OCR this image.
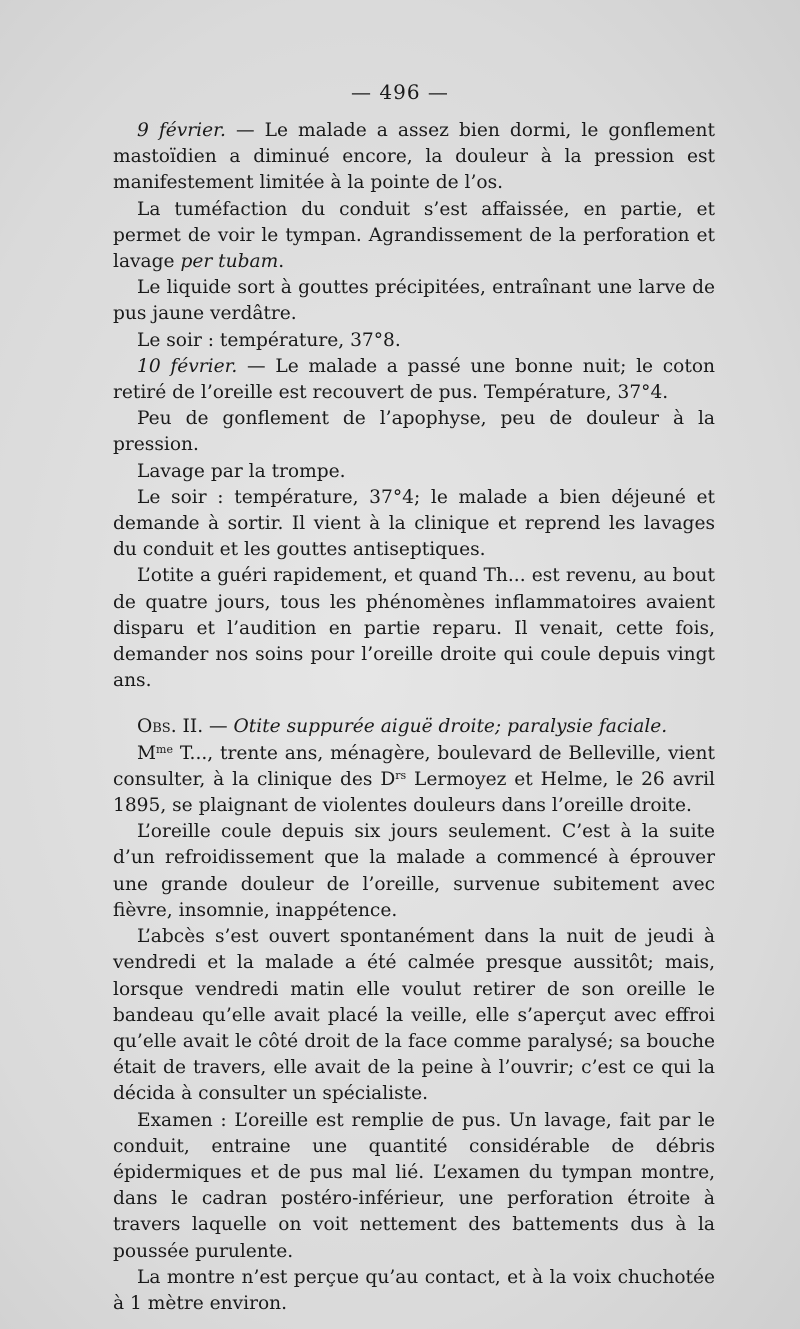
— 496 —

9 février. — Le malade a assez bien dormi, le gonflement mastoïdien a diminué encore, la douleur à la pression est manifestement limitée à la pointe de l’os.

La tuméfaction du conduit s’est affaissée, en partie, et permet de voir le tympan. Agrandissement de la perforation et lavage per tubam.

Le liquide sort à gouttes précipitées, entraînant une larve de pus jaune verdâtre.

Le soir : température, 37°8.

10 février. — Le malade a passé une bonne nuit; le coton retiré de l’oreille est recouvert de pus. Température, 37°4.

Peu de gonflement de l’apophyse, peu de douleur à la pression.

Lavage par la trompe.

Le soir : température, 37°4; le malade a bien déjeuné et demande à sortir. Il vient à la clinique et reprend les lavages du conduit et les gouttes antiseptiques.

L’otite a guéri rapidement, et quand Th... est revenu, au bout de quatre jours, tous les phénomènes inflammatoires avaient disparu et l’audition en partie reparu. Il venait, cette fois, demander nos soins pour l’oreille droite qui coule depuis vingt ans.

Obs. II. — Otite suppurée aiguë droite; paralysie faciale.

$M^{me}$ T..., trente ans, ménagère, boulevard de Belleville, vient consulter, à la clinique des $D^{rs}$ Lermoyez et Helme, le 26 avril 1895, se plaignant de violentes douleurs dans l’oreille droite.

L’oreille coule depuis six jours seulement. C’est à la suite d’un refroidissement que la malade a commencé à éprouver une grande douleur de l’oreille, survenue subitement avec fièvre, insomnie, inappétence.

L’abcès s’est ouvert spontanément dans la nuit de jeudi à vendredi et la malade a été calmée presque aussitôt; mais, lorsque vendredi matin elle voulut retirer de son oreille le bandeau qu’elle avait placé la veille, elle s’aperçut avec effroi qu’elle avait le côté droit de la face comme paralysé; sa bouche était de travers, elle avait de la peine à l’ouvrir; c’est ce qui la décida à consulter un spécialiste.

Examen : L’oreille est remplie de pus. Un lavage, fait par le conduit, entraine une quantité considérable de débris épidermiques et de pus mal lié. L’examen du tympan montre, dans le cadran postéro-inférieur, une perforation étroite à travers laquelle on voit nettement des battements dus à la poussée purulente.

La montre n’est perçue qu’au contact, et à la voix chuchotée à 1 mètre environ.
